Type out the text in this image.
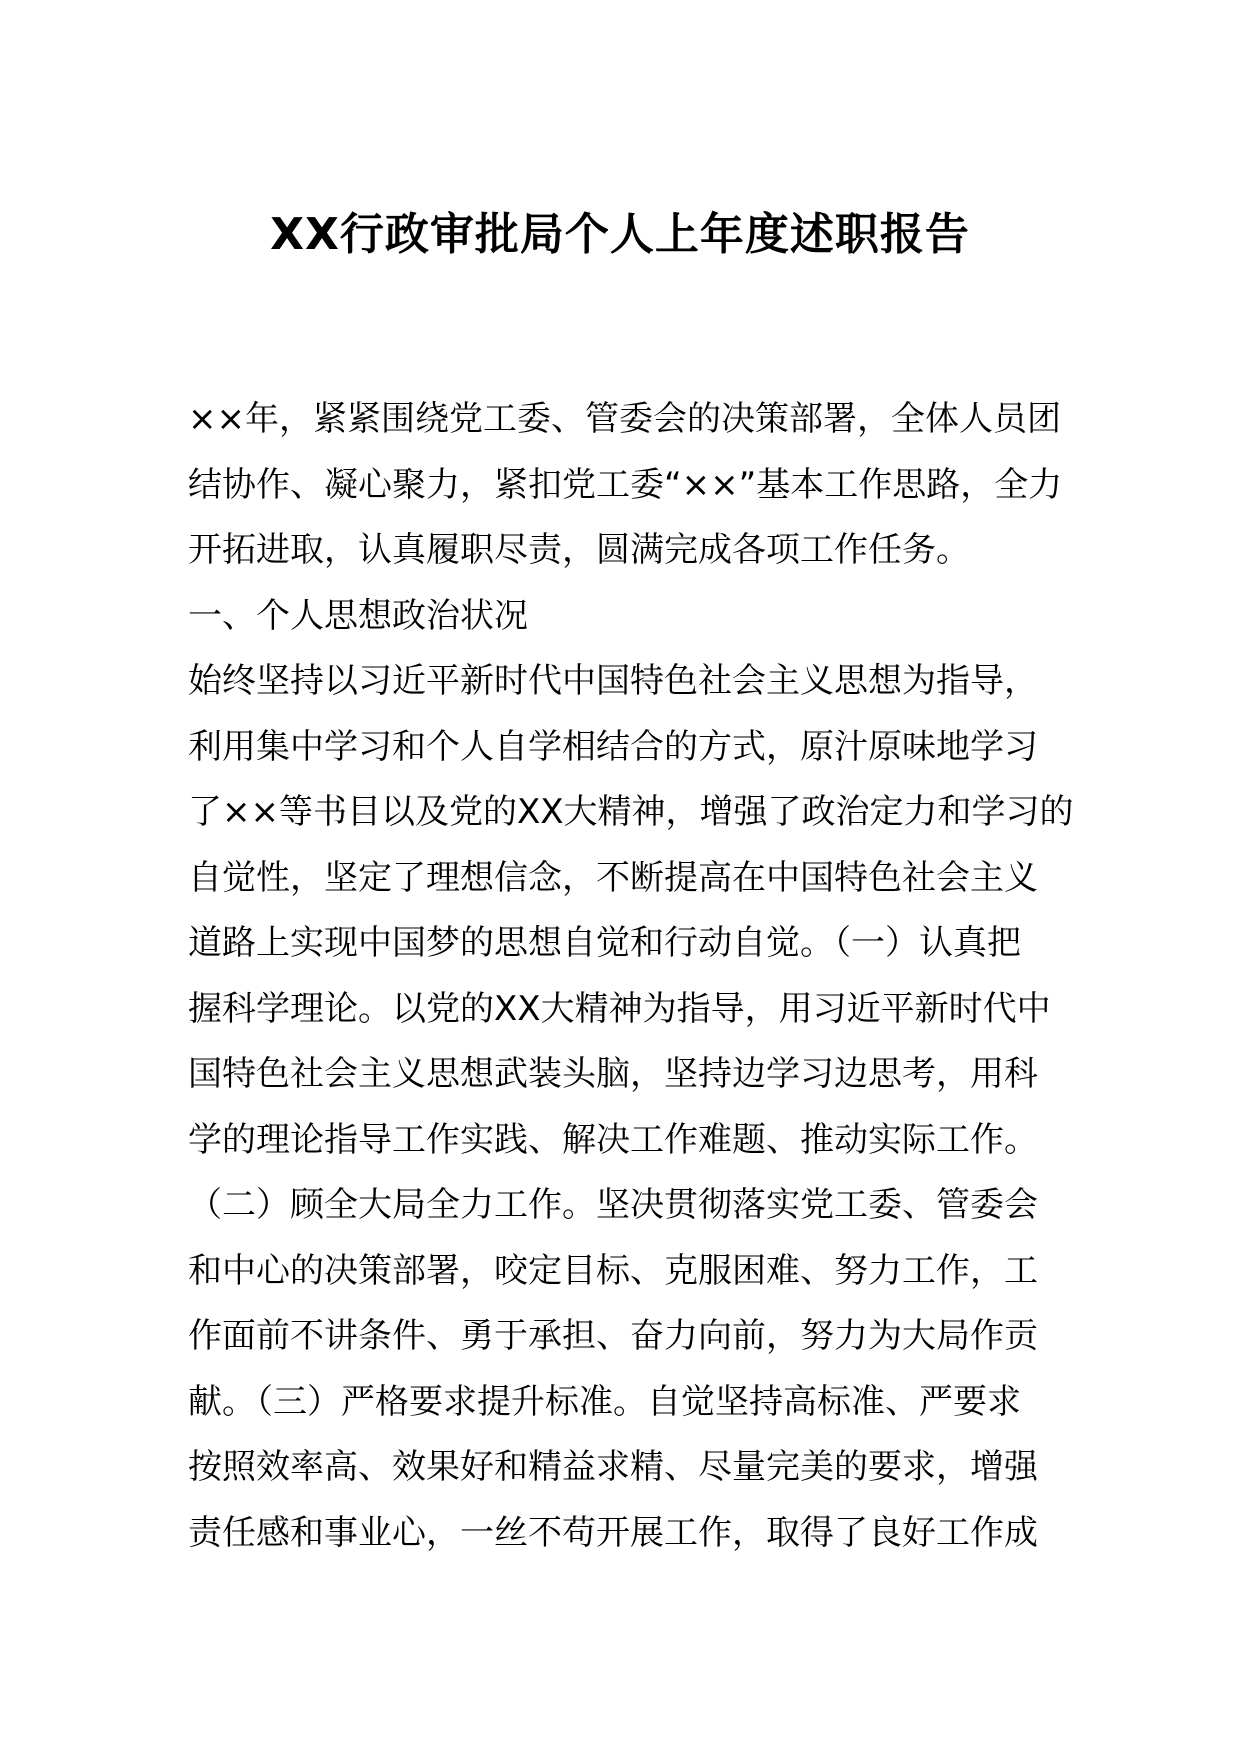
XX行政审批局个人上年度述职报告
××年，紧紧围绕党工委、管委会的决策部署，全体人员团
结协作、凝心聚力，紧扣党工委“××”基本工作思路，全力
开拓进取，认真履职尽责，圆满完成各项工作任务。
一、个人思想政治状况
始终坚持以习近平新时代中国特色社会主义思想为指导，
利用集中学习和个人自学相结合的方式，原汁原味地学习
了××等书目以及党的XX大精神，增强了政治定力和学习的
自觉性，坚定了理想信念，不断提高在中国特色社会主义
道路上实现中国梦的思想自觉和行动自觉。（一）认真把
握科学理论。以党的XX大精神为指导，用习近平新时代中
国特色社会主义思想武装头脑，坚持边学习边思考，用科
学的理论指导工作实践、解决工作难题、推动实际工作。
（二）顾全大局全力工作。坚决贯彻落实党工委、管委会
和中心的决策部署，咬定目标、克服困难、努力工作，工
作面前不讲条件、勇于承担、奋力向前，努力为大局作贡
献。（三）严格要求提升标准。自觉坚持高标准、严要求
按照效率高、效果好和精益求精、尽量完美的要求，增强
责任感和事业心，一丝不苟开展工作，取得了良好工作成
